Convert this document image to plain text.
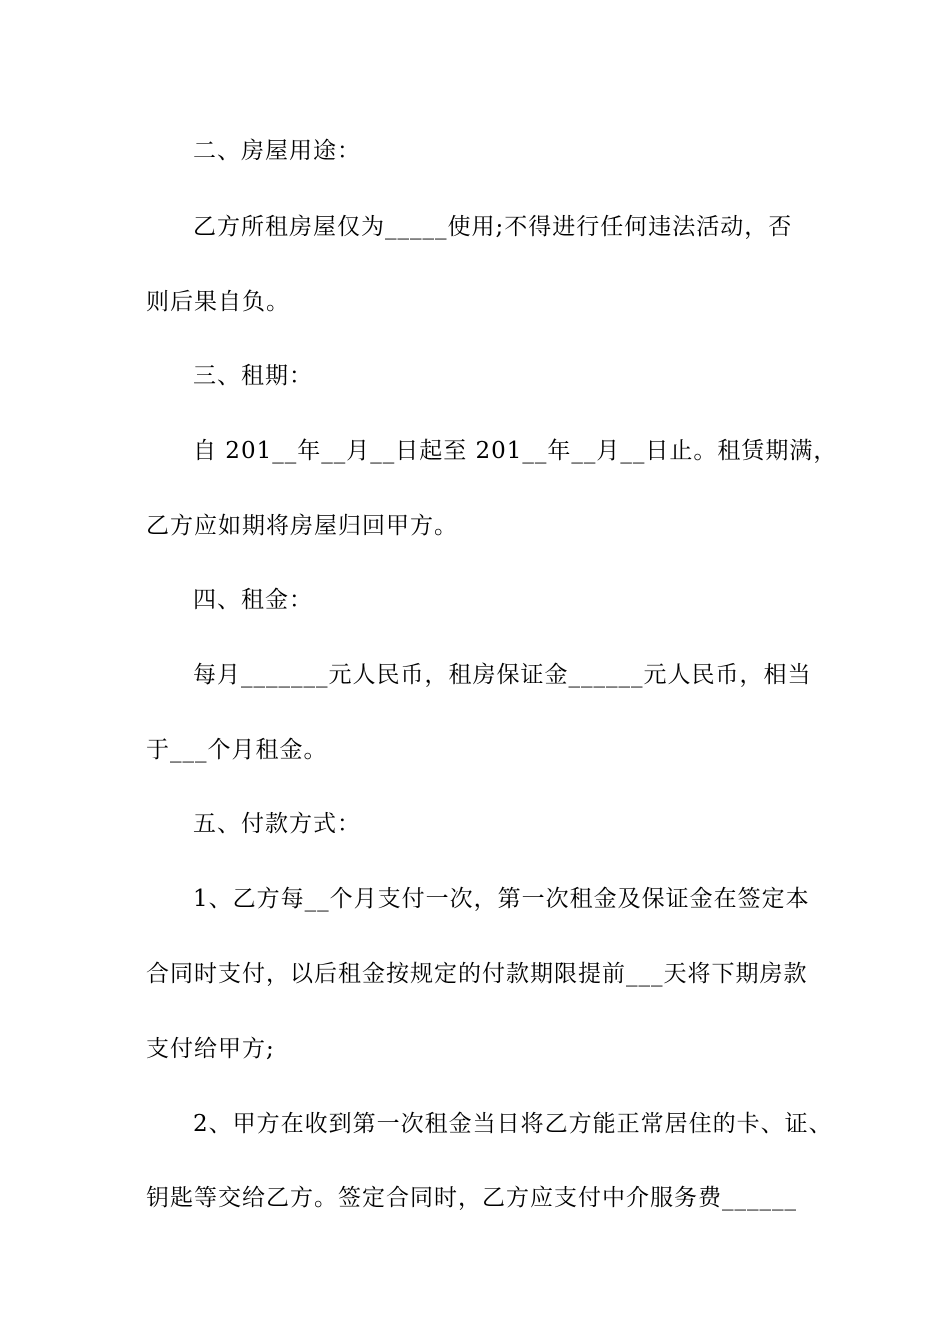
二、房屋用途：
乙方所租房屋仅为_____使用;不得进行任何违法活动，否
则后果自负。
三、租期：
自 201__年__月__日起至 201__年__月__日止。租赁期满，
乙方应如期将房屋归回甲方。
四、租金：
每月_______元人民币，租房保证金______元人民币，相当
于___个月租金。
五、付款方式：
1、乙方每__个月支付一次，第一次租金及保证金在签定本
合同时支付，以后租金按规定的付款期限提前___天将下期房款
支付给甲方;
2、甲方在收到第一次租金当日将乙方能正常居住的卡、证、
钥匙等交给乙方。签定合同时，乙方应支付中介服务费______
